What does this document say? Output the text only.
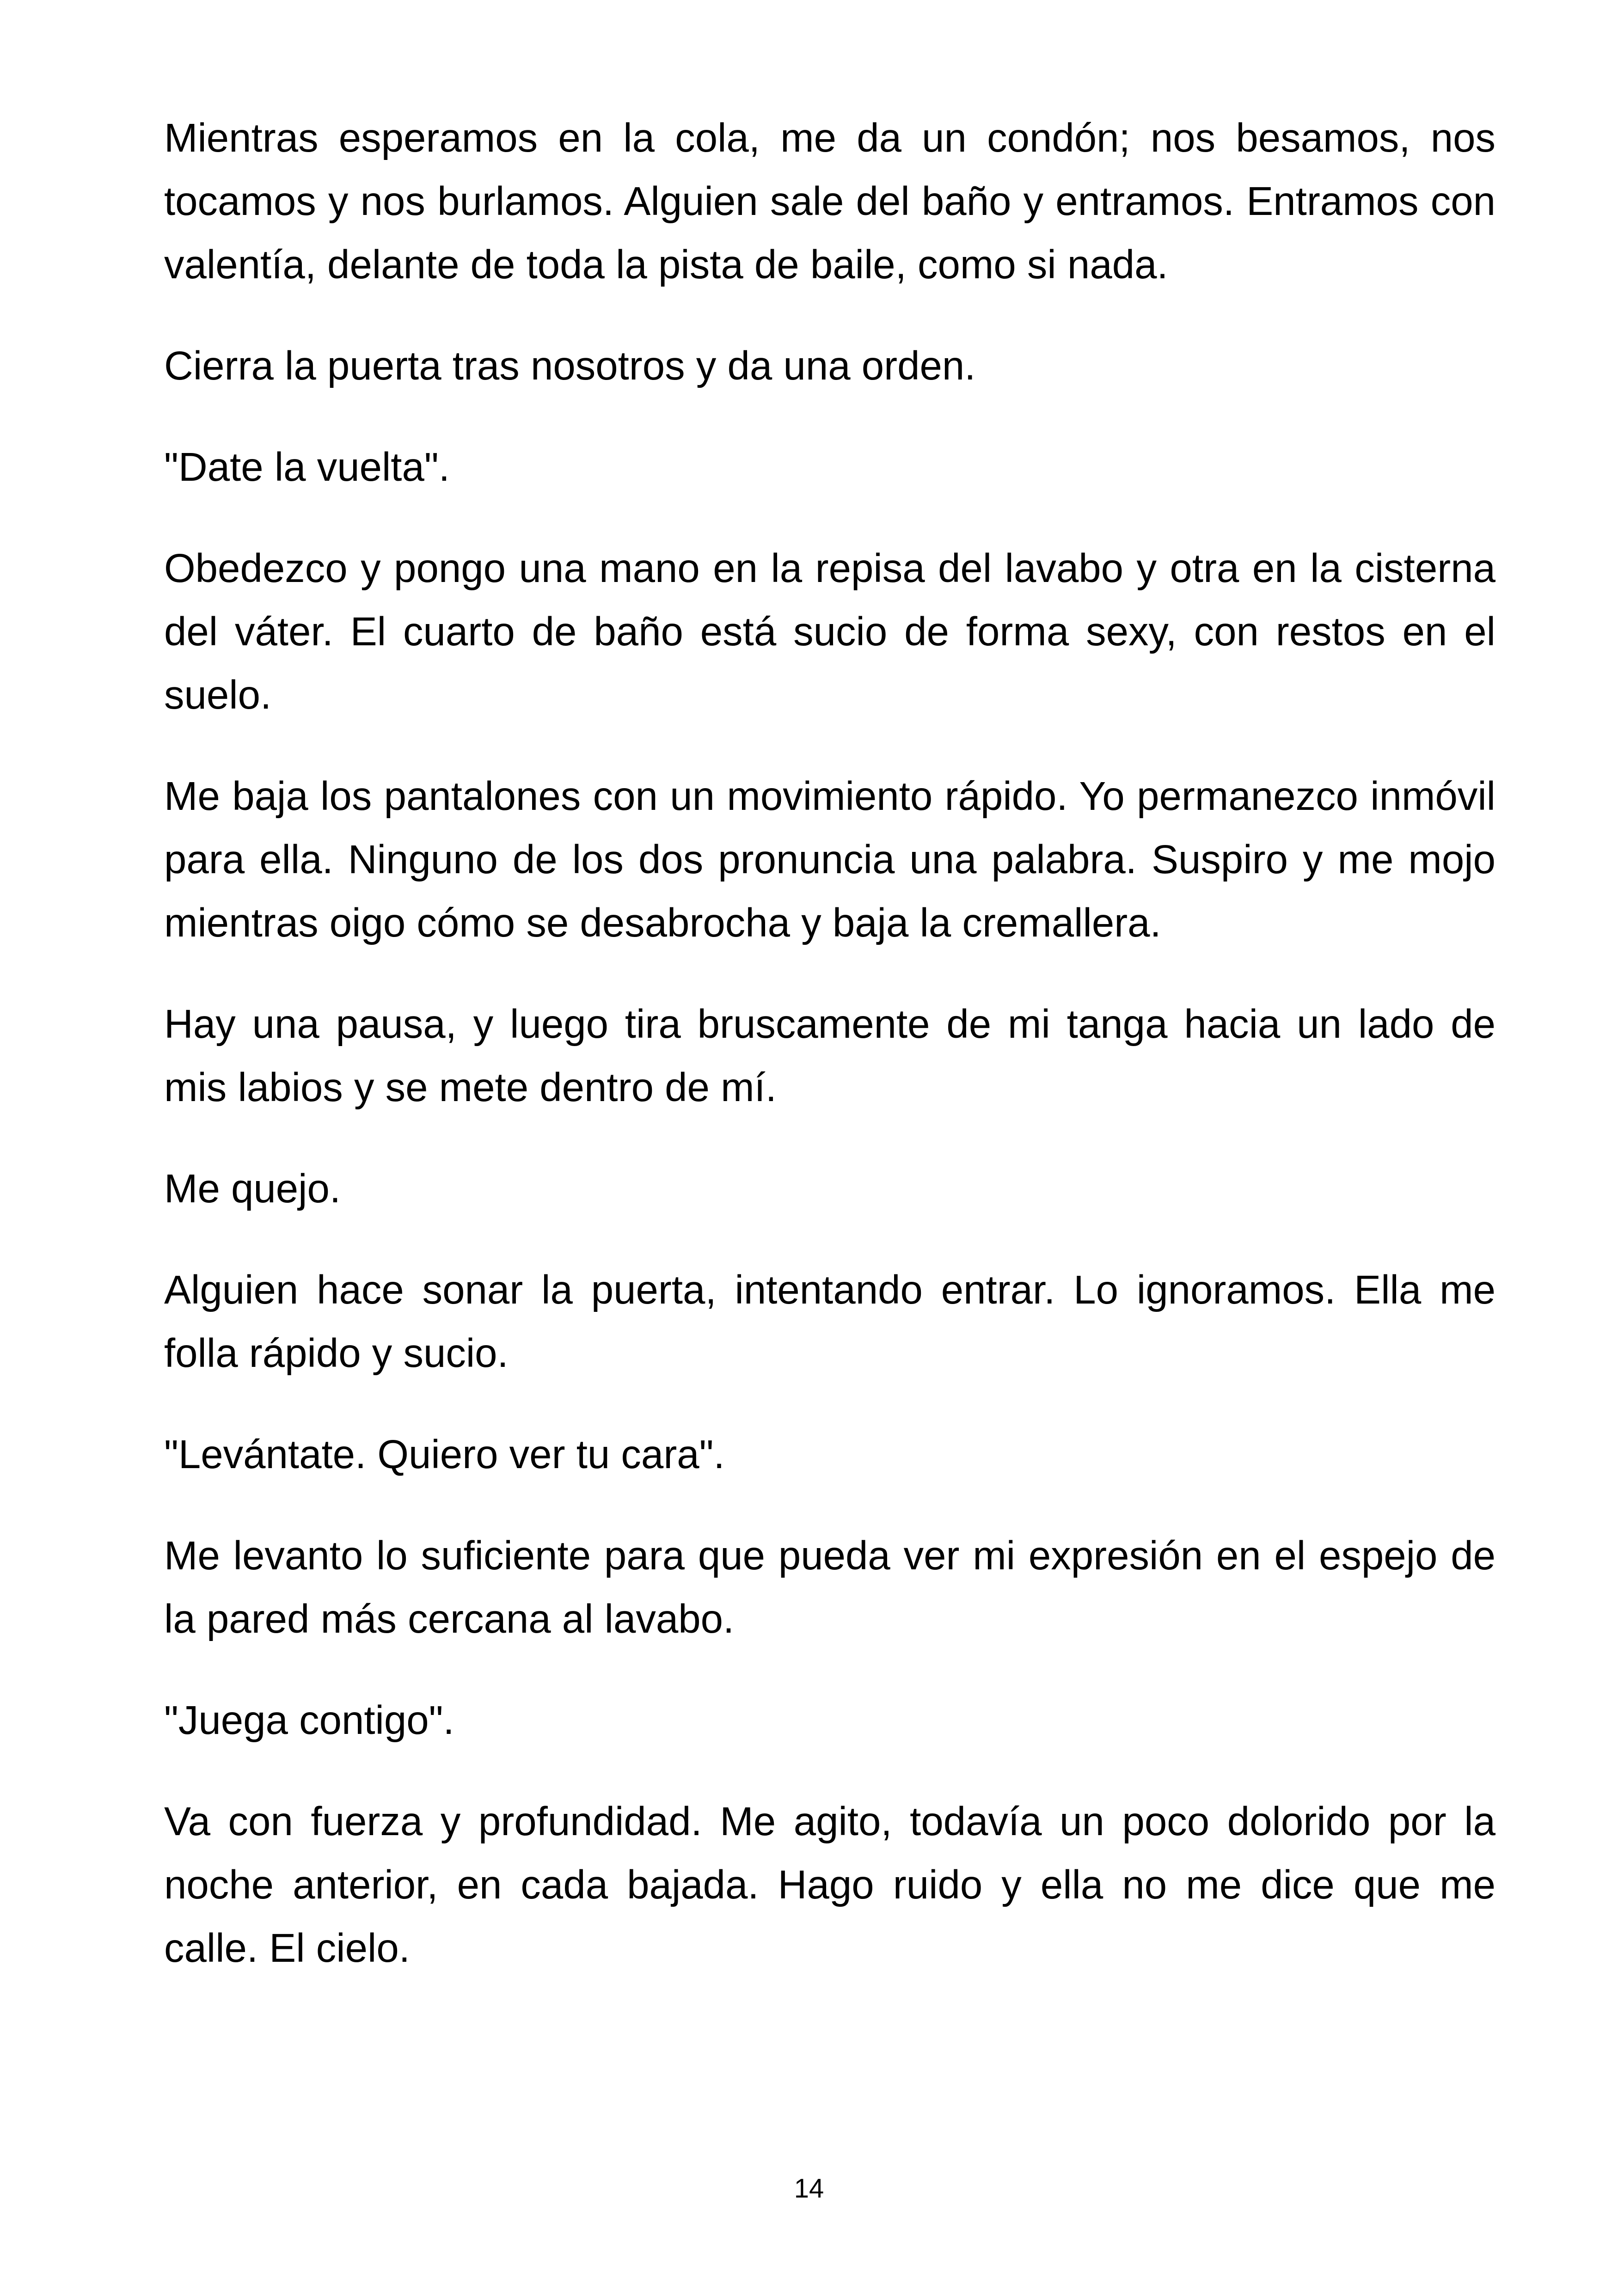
Mientras esperamos en la cola, me da un condón; nos besamos, nos tocamos y nos burlamos. Alguien sale del baño y entramos. Entramos con valentía, delante de toda la pista de baile, como si nada.

Cierra la puerta tras nosotros y da una orden.

"Date la vuelta".

Obedezco y pongo una mano en la repisa del lavabo y otra en la cisterna del váter. El cuarto de baño está sucio de forma sexy, con restos en el suelo.

Me baja los pantalones con un movimiento rápido. Yo permanezco inmóvil para ella. Ninguno de los dos pronuncia una palabra. Suspiro y me mojo mientras oigo cómo se desabrocha y baja la cremallera.

Hay una pausa, y luego tira bruscamente de mi tanga hacia un lado de mis labios y se mete dentro de mí.

Me quejo.

Alguien hace sonar la puerta, intentando entrar. Lo ignoramos. Ella me folla rápido y sucio.

"Levántate. Quiero ver tu cara".

Me levanto lo suficiente para que pueda ver mi expresión en el espejo de la pared más cercana al lavabo.

"Juega contigo".

Va con fuerza y profundidad. Me agito, todavía un poco dolorido por la noche anterior, en cada bajada. Hago ruido y ella no me dice que me calle. El cielo.

14
